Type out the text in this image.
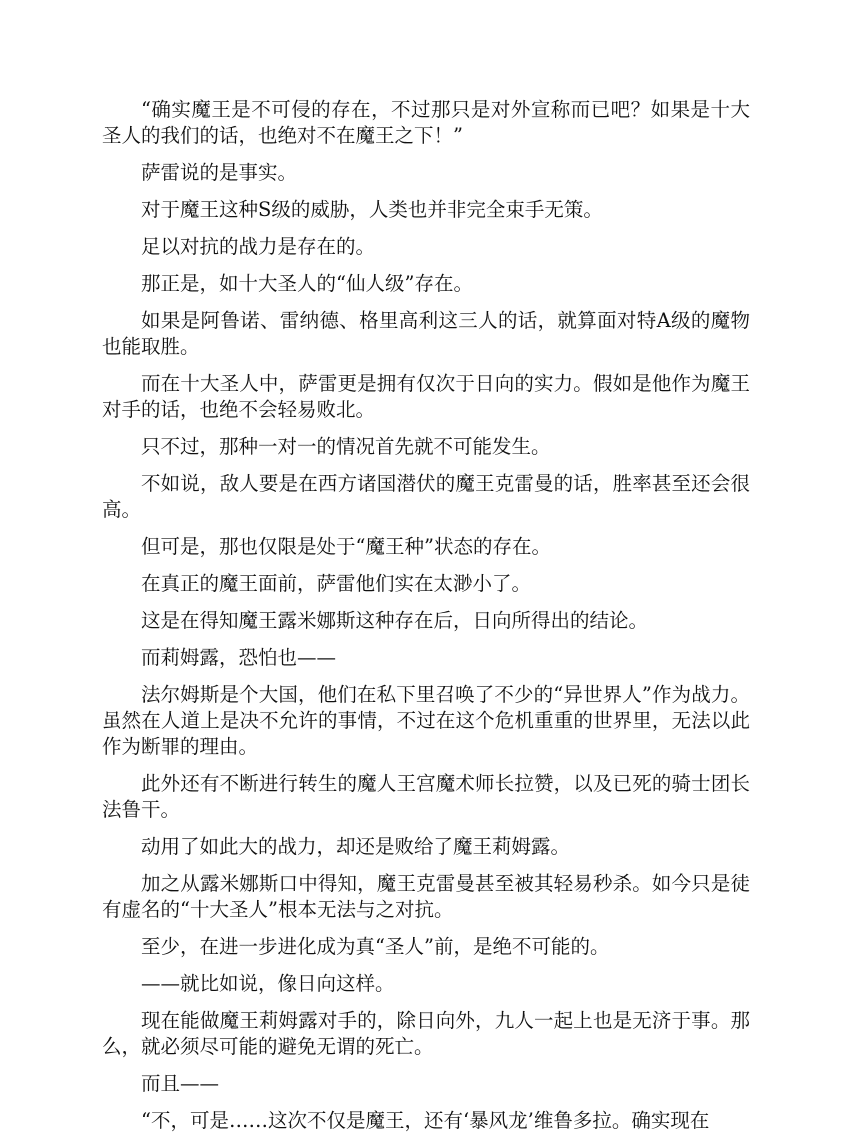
“确实魔王是不可侵的存在，不过那只是对外宣称而已吧？如果是十大圣人的我们的话，也绝对不在魔王之下！”

萨雷说的是事实。

对于魔王这种S级的威胁，人类也并非完全束手无策。

足以对抗的战力是存在的。

那正是，如十大圣人的“仙人级”存在。

如果是阿鲁诺、雷纳德、格里高利这三人的话，就算面对特A级的魔物也能取胜。

而在十大圣人中，萨雷更是拥有仅次于日向的实力。假如是他作为魔王对手的话，也绝不会轻易败北。

只不过，那种一对一的情况首先就不可能发生。

不如说，敌人要是在西方诸国潜伏的魔王克雷曼的话，胜率甚至还会很高。

但可是，那也仅限是处于“魔王种”状态的存在。

在真正的魔王面前，萨雷他们实在太渺小了。

这是在得知魔王露米娜斯这种存在后，日向所得出的结论。

而莉姆露，恐怕也——

法尔姆斯是个大国，他们在私下里召唤了不少的“异世界人”作为战力。虽然在人道上是决不允许的事情，不过在这个危机重重的世界里，无法以此作为断罪的理由。

此外还有不断进行转生的魔人王宫魔术师长拉赞，以及已死的骑士团长法鲁干。

动用了如此大的战力，却还是败给了魔王莉姆露。

加之从露米娜斯口中得知，魔王克雷曼甚至被其轻易秒杀。如今只是徒有虚名的“十大圣人”根本无法与之对抗。

至少，在进一步进化成为真“圣人”前，是绝不可能的。

——就比如说，像日向这样。

现在能做魔王莉姆露对手的，除日向外，九人一起上也是无济于事。那么，就必须尽可能的避免无谓的死亡。

而且——

“不，可是……这次不仅是魔王，还有‘暴风龙’维鲁多拉。确实现在
